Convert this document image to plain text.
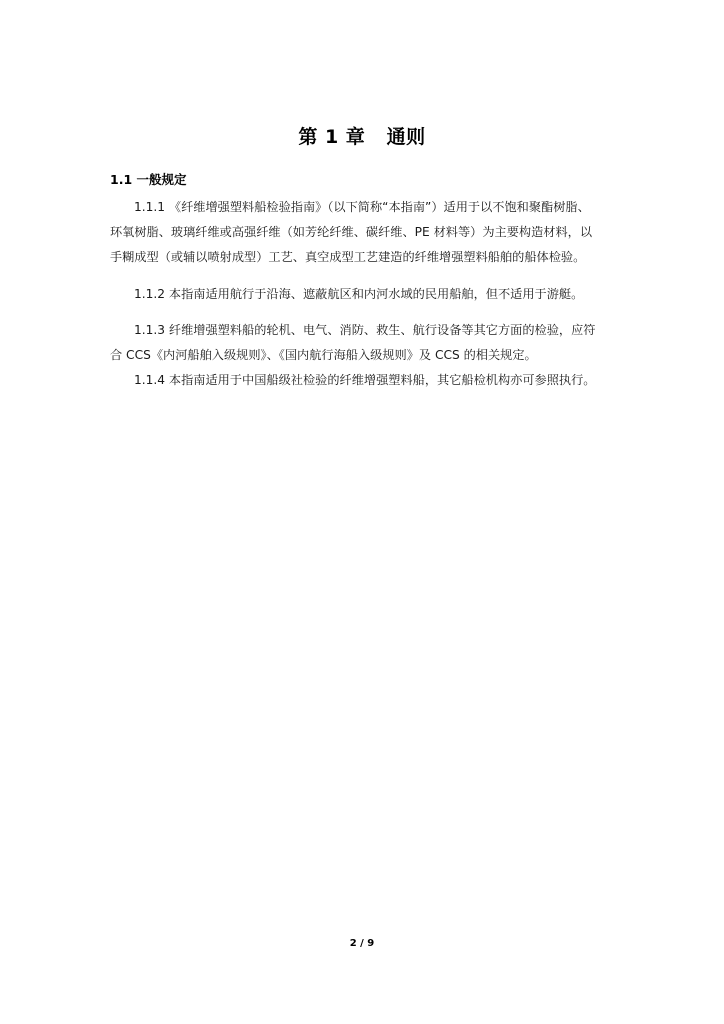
第 1 章   通则
1.1 一般规定
1.1.1 《纤维增强塑料船检验指南》（以下简称“本指南”）适用于以不饱和聚酯树脂、
环氧树脂、玻璃纤维或高强纤维（如芳纶纤维、碳纤维、PE 材料等）为主要构造材料，以
手糊成型（或辅以喷射成型）工艺、真空成型工艺建造的纤维增强塑料船舶的船体检验。
1.1.2 本指南适用航行于沿海、遮蔽航区和内河水域的民用船舶，但不适用于游艇。
1.1.3 纤维增强塑料船的轮机、电气、消防、救生、航行设备等其它方面的检验，应符
合 CCS《内河船舶入级规则》、《国内航行海船入级规则》及 CCS 的相关规定。
1.1.4 本指南适用于中国船级社检验的纤维增强塑料船，其它船检机构亦可参照执行。
2 / 9
